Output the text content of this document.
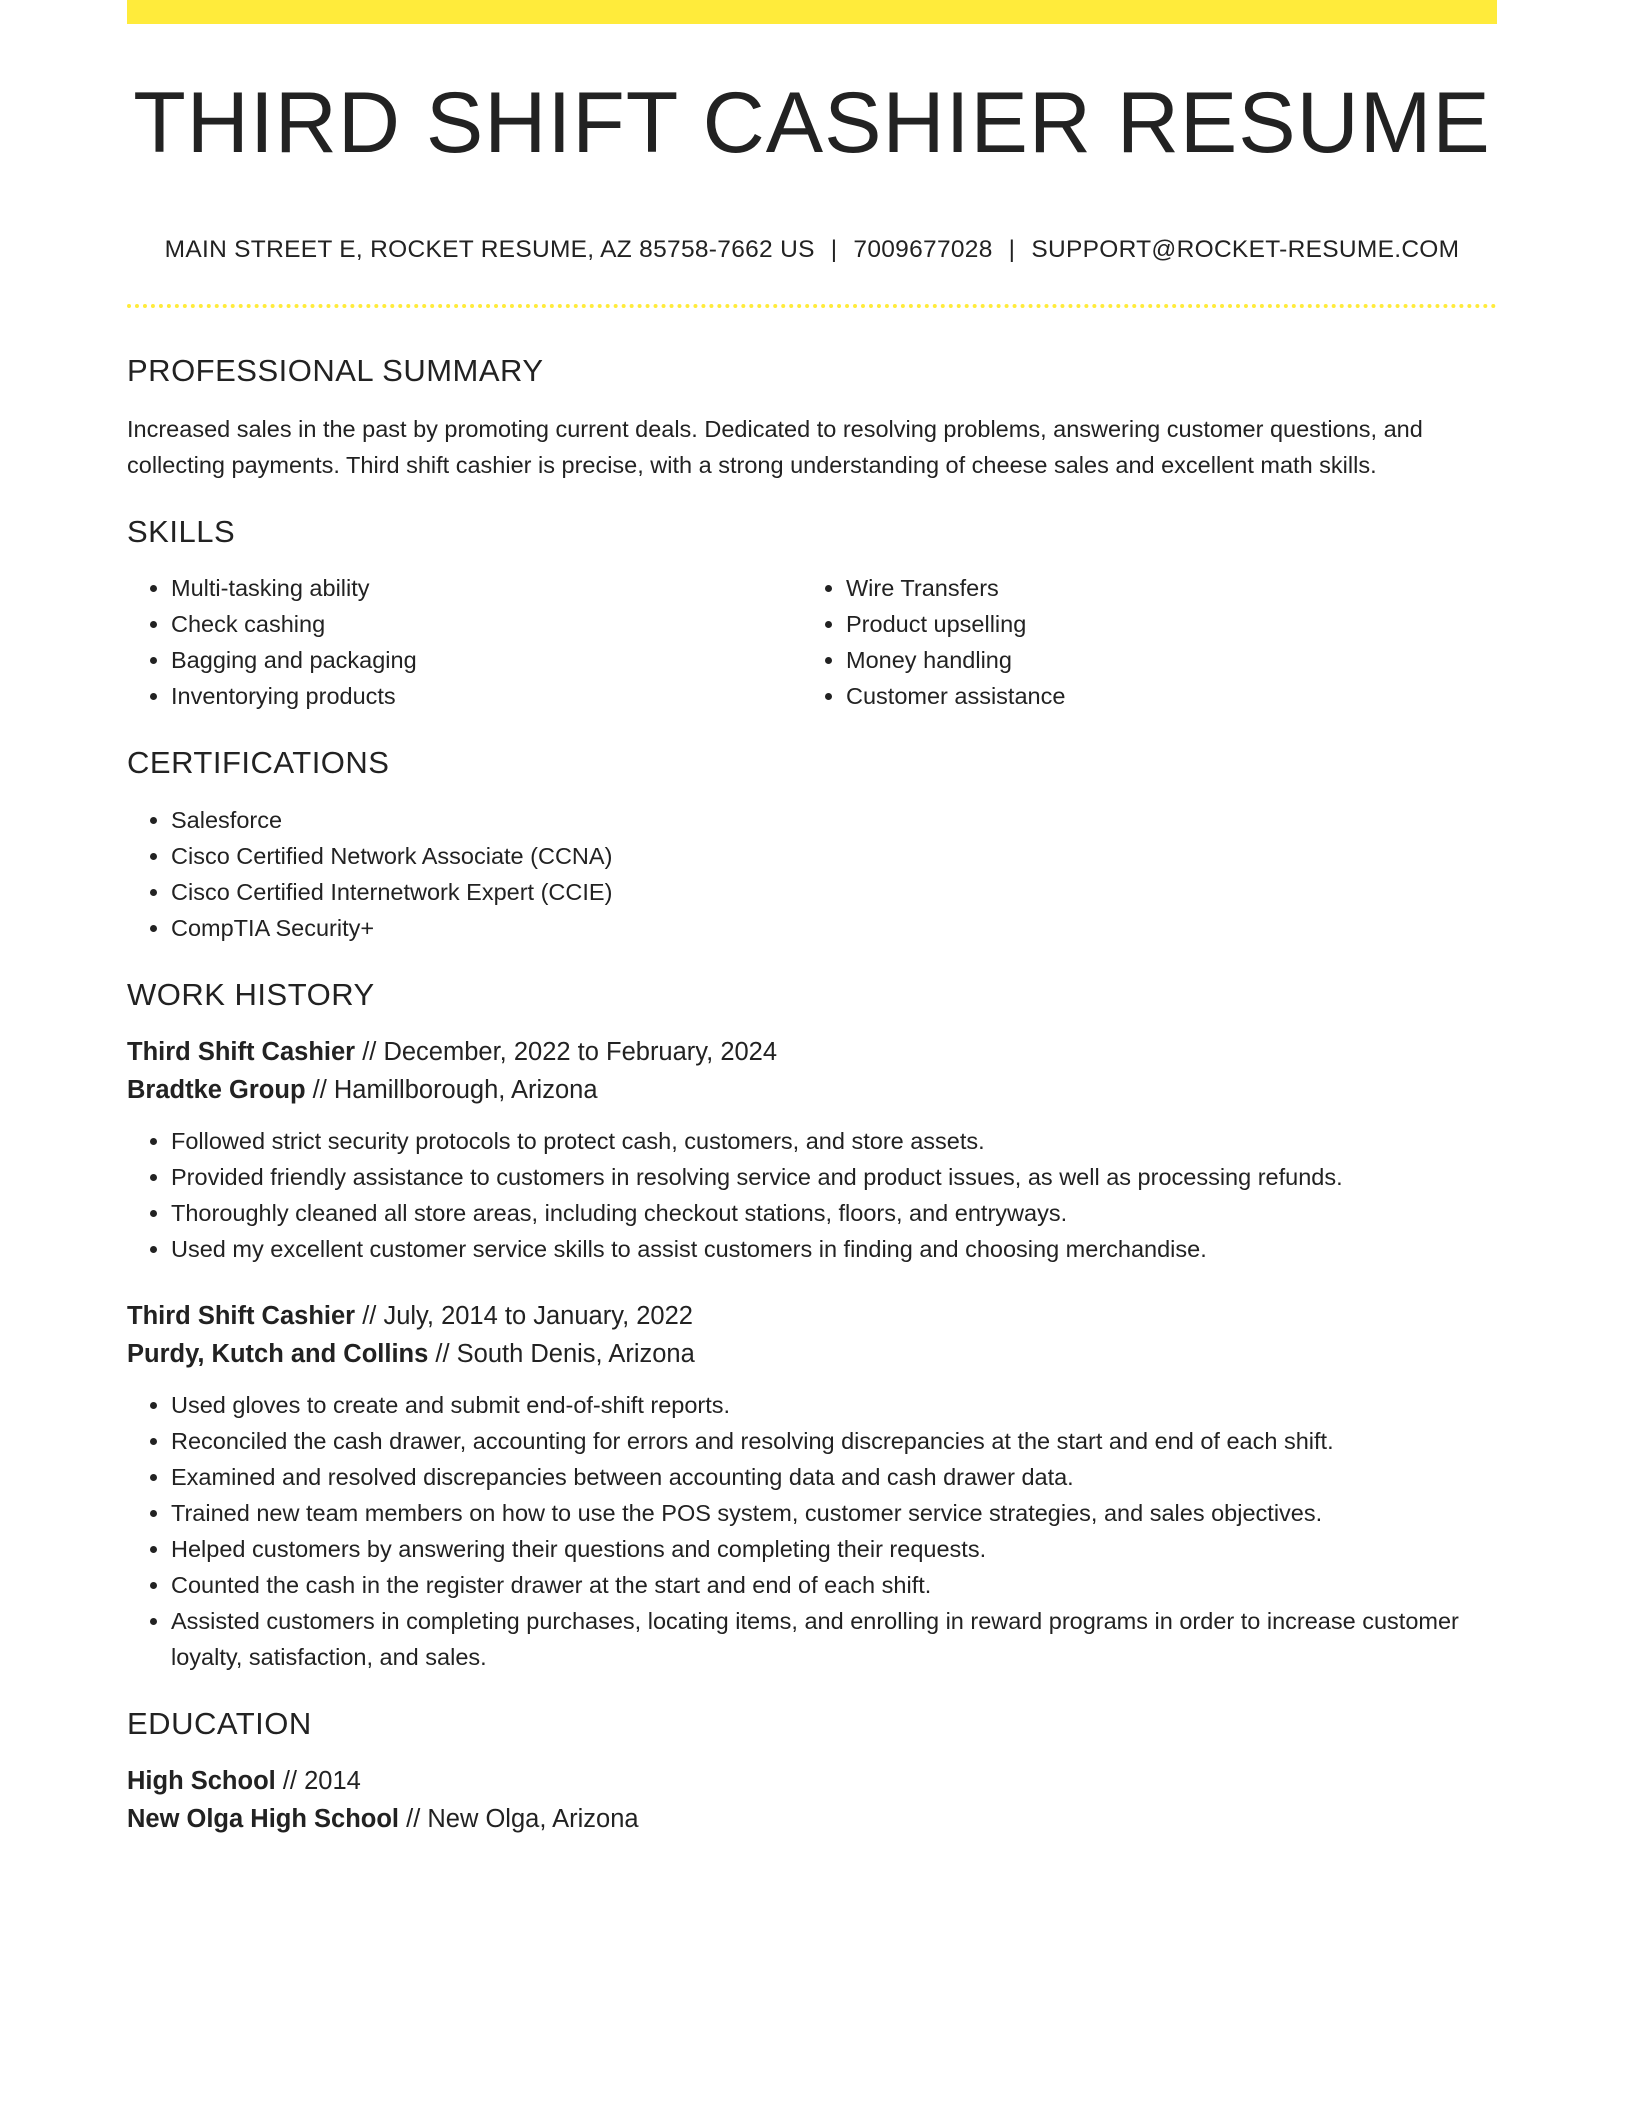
THIRD SHIFT CASHIER RESUME
MAIN STREET E, ROCKET RESUME, AZ 85758-7662 US | 7009677028 | SUPPORT@ROCKET-RESUME.COM
PROFESSIONAL SUMMARY

Increased sales in the past by promoting current deals. Dedicated to resolving problems, answering customer questions, and collecting payments. Third shift cashier is precise, with a strong understanding of cheese sales and excellent math skills.

SKILLS
• Multi-tasking ability
• Check cashing
• Bagging and packaging
• Inventorying products
• Wire Transfers
• Product upselling
• Money handling
• Customer assistance
CERTIFICATIONS
• Salesforce
• Cisco Certified Network Associate (CCNA)
• Cisco Certified Internetwork Expert (CCIE)
• CompTIA Security+
WORK HISTORY
Third Shift Cashier // December, 2022 to February, 2024
Bradtke Group // Hamillborough, Arizona
• Followed strict security protocols to protect cash, customers, and store assets.
• Provided friendly assistance to customers in resolving service and product issues, as well as processing refunds.
• Thoroughly cleaned all store areas, including checkout stations, floors, and entryways.
• Used my excellent customer service skills to assist customers in finding and choosing merchandise.
Third Shift Cashier // July, 2014 to January, 2022
Purdy, Kutch and Collins // South Denis, Arizona
• Used gloves to create and submit end-of-shift reports.
• Reconciled the cash drawer, accounting for errors and resolving discrepancies at the start and end of each shift.
• Examined and resolved discrepancies between accounting data and cash drawer data.
• Trained new team members on how to use the POS system, customer service strategies, and sales objectives.
• Helped customers by answering their questions and completing their requests.
• Counted the cash in the register drawer at the start and end of each shift.
• Assisted customers in completing purchases, locating items, and enrolling in reward programs in order to increase customer loyalty, satisfaction, and sales.
EDUCATION
High School // 2014
New Olga High School // New Olga, Arizona
